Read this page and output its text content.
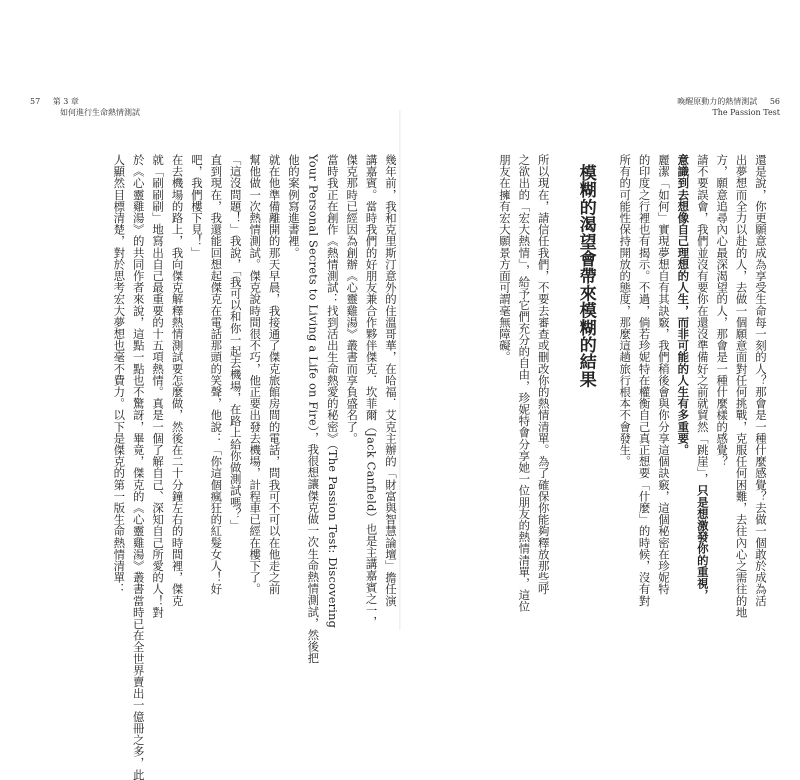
57 第 3 章
如何進行生命熱情測試

幾年前，我和克里斯汀意外的住溫哥華，在哈福．艾克主辦的「財富與智慧論壇」擔任演

講嘉賓。當時我們的好朋友兼合作夥伴傑克．坎菲爾（Jack Canfield）也是主講嘉賓之一，

傑克那時已經因為創辦《心靈雞湯》叢書而享負盛名了。

當時我正在創作《熱情測試：找到活出生命熱愛的秘密》（The Passion Test: Discovering

Your Personal Secrets to Living a Life on Fire），我很想讓傑克做一次生命熱情測試，然後把

他的案例寫進書裡。

就在他準備離開的那天早晨，我接通了傑克旅館房間的電話，問我可不可以在他走之前

幫他做一次熱情測試。傑克說時間很不巧，他正要出發去機場，計程車已經在樓下了。

「這沒問題！」我說，「我可以和你一起去機場，在路上給你做測試嗎？」

直到現在，我還能回想起傑克在電話那頭的笑聲，他說：「你這個瘋狂的紅髮女人！好

吧，我們樓下見！」

在去機場的路上，我向傑克解釋熱情測試要怎麼做，然後在二十分鐘左右的時間裡，傑克

就「刷刷刷」地寫出自己最重要的十五項熱情。真是一個了解自己、深知自己所愛的人！對

於《心靈雞湯》的共同作者來說，這點一點也不驚訝，畢竟，傑克的《心靈雞湯》叢書當時已在全世界賣出一億冊之多，此

人顯然目標清楚，對於思考宏大夢想也毫不費力。以下是傑克的第一版生命熱情清單：

喚醒原動力的熱情測試 56
The Passion Test

還是說，你更願意成為享受生命每一刻的人？那會是一種什麼感覺？去做一個敢於成為活

出夢想而全力以赴的人，去做一個願意面對任何挑戰，克服任何困難，去往內心之需往的地

方，願意追尋內心最深渴望的人，那會是一種什麼樣的感覺？

請不要誤會，我們並沒有要你在還沒準備好之前就貿然「跳崖」，只是想激發你的重視，

意識到去想像自己理想的人生，而非可能的人生有多重要。

麗潔「如何」實現夢想自有其訣竅，我們稍後會與你分享這個訣竅，這個秘密在珍妮特

的印度之行裡也有揭示。不過，倘若珍妮特在權衡自己真正想要「什麼」的時候，沒有對

所有的可能性保持開放的態度，那麼這趟旅行根本不會發生。

模糊的渴望會帶來模糊的結果

所以現在，請信任我們，不要去審查或刪改你的熱情清單。為了確保你能夠釋放那些呼

之欲出的「宏大熱情」，給予它們充分的自由，珍妮特會分享她一位朋友的熱情清單，這位

朋友在擁有宏大願景方面可謂毫無障礙。
